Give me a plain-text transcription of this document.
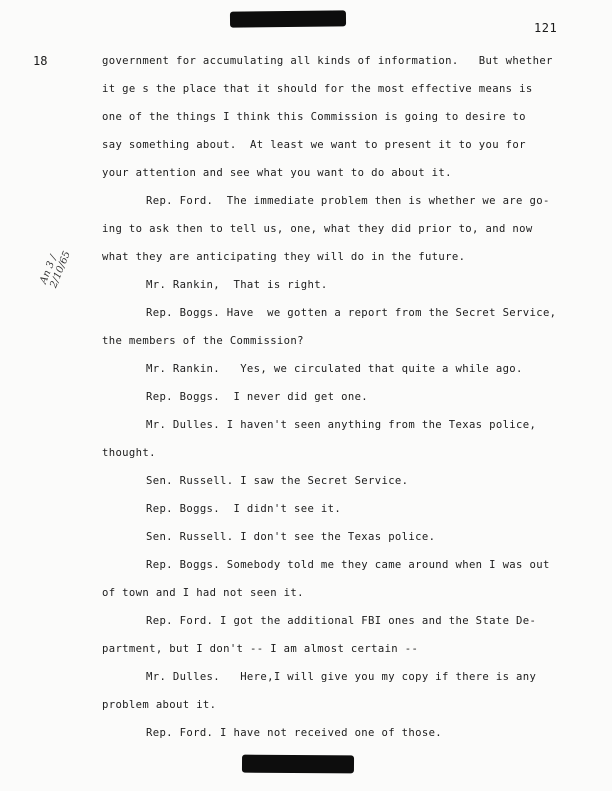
121
18
An 3 / 2/10/65
government for accumulating all kinds of information.   But whether
it ge s the place that it should for the most effective means is
one of the things I think this Commission is going to desire to
say something about.  At least we want to present it to you for
your attention and see what you want to do about it.
Rep. Ford.  The immediate problem then is whether we are go-
ing to ask then to tell us, one, what they did prior to, and now
what they are anticipating they will do in the future.
Mr. Rankin,  That is right.
Rep. Boggs. Have  we gotten a report from the Secret Service,
the members of the Commission?
Mr. Rankin.   Yes, we circulated that quite a while ago.
Rep. Boggs.  I never did get one.
Mr. Dulles. I haven't seen anything from the Texas police,
thought.
Sen. Russell. I saw the Secret Service.
Rep. Boggs.  I didn't see it.
Sen. Russell. I don't see the Texas police.
Rep. Boggs. Somebody told me they came around when I was out
of town and I had not seen it.
Rep. Ford. I got the additional FBI ones and the State De-
partment, but I don't -- I am almost certain --
Mr. Dulles.   Here,I will give you my copy if there is any
problem about it.
Rep. Ford. I have not received one of those.
